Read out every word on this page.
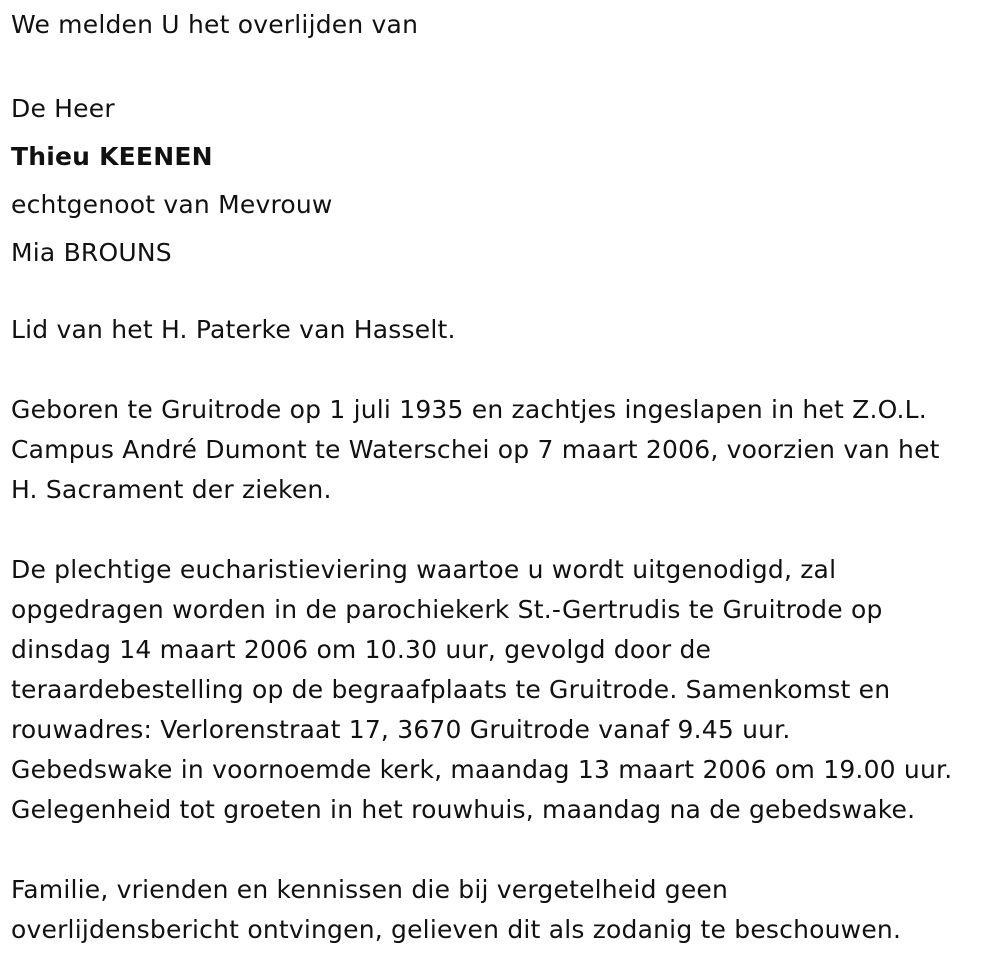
We melden U het overlijden van
De Heer
Thieu KEENEN
echtgenoot van Mevrouw
Mia BROUNS
Lid van het H. Paterke van Hasselt.
Geboren te Gruitrode op 1 juli 1935 en zachtjes ingeslapen in het Z.O.L.
Campus André Dumont te Waterschei op 7 maart 2006, voorzien van het
H. Sacrament der zieken.
De plechtige eucharistieviering waartoe u wordt uitgenodigd, zal
opgedragen worden in de parochiekerk St.-Gertrudis te Gruitrode op
dinsdag 14 maart 2006 om 10.30 uur, gevolgd door de
teraardebestelling op de begraafplaats te Gruitrode. Samenkomst en
rouwadres: Verlorenstraat 17, 3670 Gruitrode vanaf 9.45 uur.
Gebedswake in voornoemde kerk, maandag 13 maart 2006 om 19.00 uur.
Gelegenheid tot groeten in het rouwhuis, maandag na de gebedswake.
Familie, vrienden en kennissen die bij vergetelheid geen
overlijdensbericht ontvingen, gelieven dit als zodanig te beschouwen.
